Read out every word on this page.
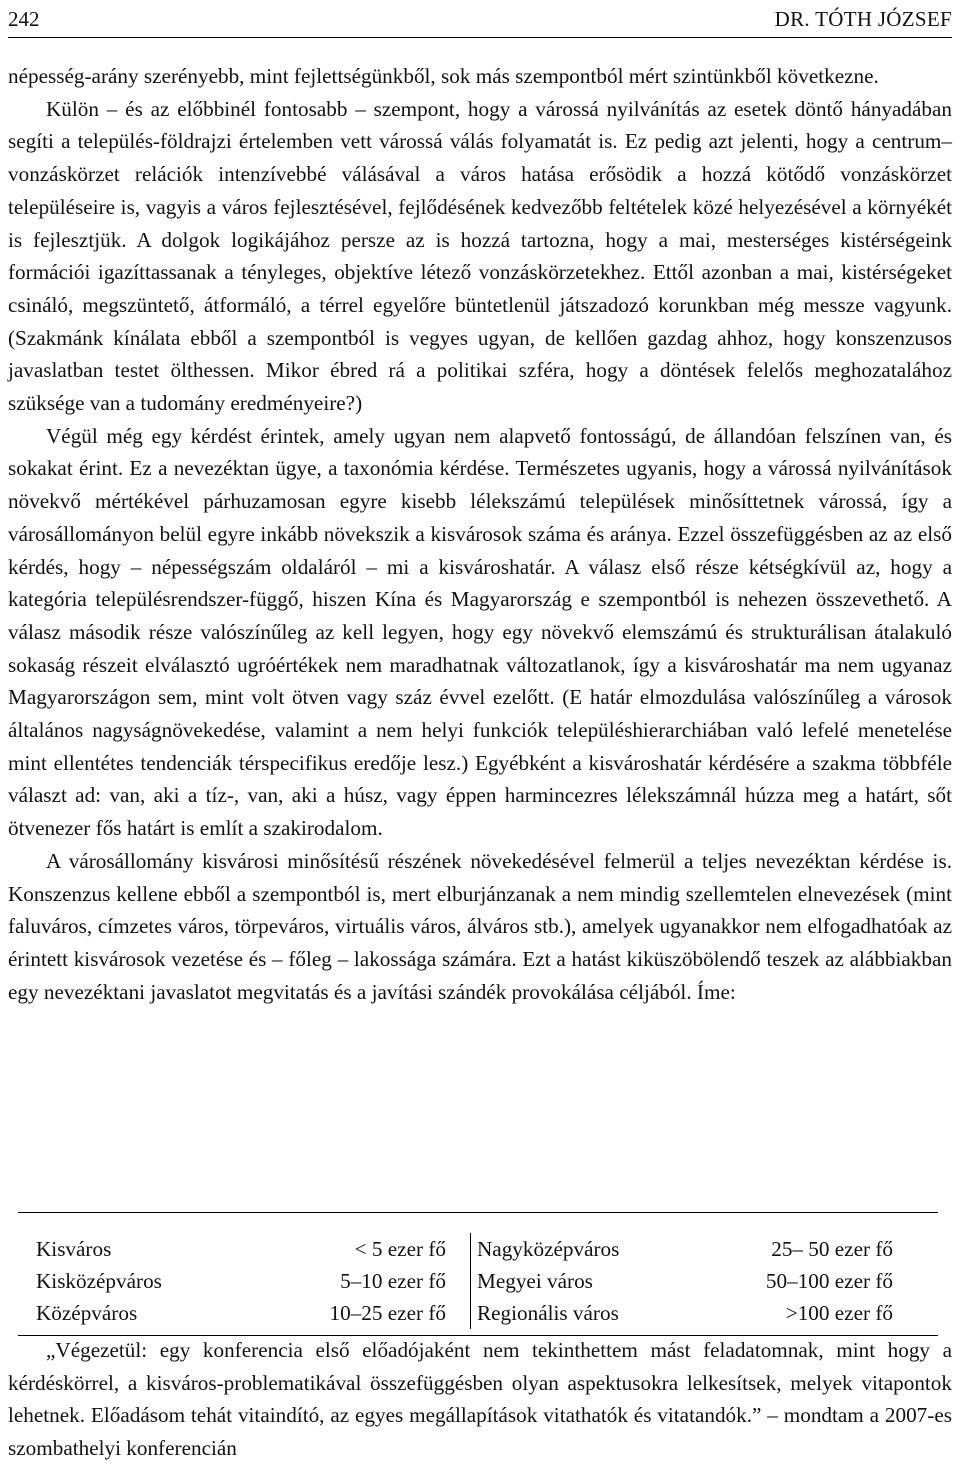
242	DR. TÓTH JÓZSEF

népesség-arány szerényebb, mint fejlettségünkből, sok más szempontból mért szintünkből következne.

Külön – és az előbbinél fontosabb – szempont, hogy a várossá nyilvánítás az esetek döntő hányadában segíti a település-földrajzi értelemben vett várossá válás folyamatát is. Ez pedig azt jelenti, hogy a centrum–vonzáskörzet relációk intenzívebbé válásával a város hatása erősödik a hozzá kötődő vonzáskörzet településeire is, vagyis a város fejlesztésével, fejlődésének kedvezőbb feltételek közé helyezésével a környékét is fejlesztjük. A dolgok logikájához persze az is hozzá tartozna, hogy a mai, mesterséges kistérségeink formációi igazíttassanak a tényleges, objektíve létező vonzáskörzetekhez. Ettől azonban a mai, kistérségeket csináló, megszüntető, átformáló, a térrel egyelőre büntetlenül játszadozó korunkban még messze vagyunk. (Szakmánk kínálata ebből a szempontból is vegyes ugyan, de kellően gazdag ahhoz, hogy konszenzusos javaslatban testet ölthessen. Mikor ébred rá a politikai szféra, hogy a döntések felelős meghozatalához szüksége van a tudomány eredményeire?)

Végül még egy kérdést érintek, amely ugyan nem alapvető fontosságú, de állandóan felszínen van, és sokakat érint. Ez a nevezéktan ügye, a taxonómia kérdése. Természetes ugyanis, hogy a várossá nyilvánítások növekvő mértékével párhuzamosan egyre kisebb lélekszámú települések minősíttetnek várossá, így a városállományon belül egyre inkább növekszik a kisvárosok száma és aránya. Ezzel összefüggésben az az első kérdés, hogy – népességszám oldaláról – mi a kisvároshatár. A válasz első része kétségkívül az, hogy a kategória településrendszer-függő, hiszen Kína és Magyarország e szempontból is nehezen összevethető. A válasz második része valószínűleg az kell legyen, hogy egy növekvő elemszámú és strukturálisan átalakuló sokaság részeit elválasztó ugróértékek nem maradhatnak változatlanok, így a kisvároshatár ma nem ugyanaz Magyarországon sem, mint volt ötven vagy száz évvel ezelőtt. (E határ elmozdulása valószínűleg a városok általános nagyságnövekedése, valamint a nem helyi funkciók településhierarchiában való lefelé menetelése mint ellentétes tendenciák térspecifikus eredője lesz.) Egyébként a kisvároshatár kérdésére a szakma többféle választ ad: van, aki a tíz-, van, aki a húsz, vagy éppen harmincezres lélekszámnál húzza meg a határt, sőt ötvenezer fős határt is említ a szakirodalom.

A városállomány kisvárosi minősítésű részének növekedésével felmerül a teljes nevezéktan kérdése is. Konszenzus kellene ebből a szempontból is, mert elburjánzanak a nem mindig szellemtelen elnevezések (mint faluváros, címzetes város, törpeváros, virtuális város, álváros stb.), amelyek ugyanakkor nem elfogadhatóak az érintett kisvárosok vezetése és – főleg – lakossága számára. Ezt a hatást kiküszöbölendő teszek az alábbiakban egy nevezéktani javaslatot megvitatás és a javítási szándék provokálása céljából. Íme:

Kisváros	< 5 ezer fő	Nagyközépváros	25– 50 ezer fő
Kisközépváros	5–10 ezer fő	Megyei város	50–100 ezer fő
Középváros	10–25 ezer fő	Regionális város	>100 ezer fő

„Végezetül: egy konferencia első előadójaként nem tekinthettem mást feladatomnak, mint hogy a kérdéskörrel, a kisváros-problematikával összefüggésben olyan aspektusokra lelkesítsek, melyek vitapontok lehetnek. Előadásom tehát vitaindító, az egyes megállapítások vitathatók és vitatandók.” – mondtam a 2007-es szombathelyi konferencián
